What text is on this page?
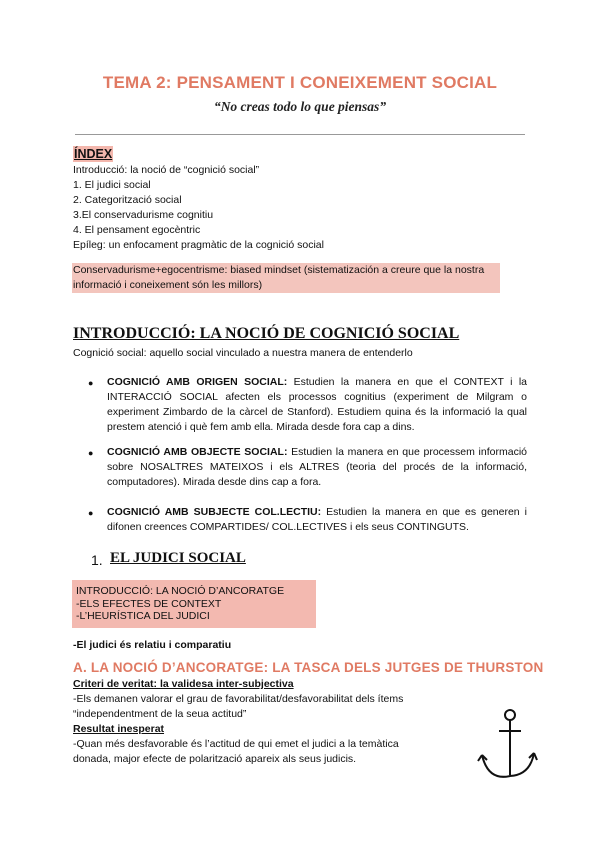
TEMA 2: PENSAMENT I CONEIXEMENT SOCIAL
“No creas todo lo que piensas”
ÍNDEX
Introducció: la noció de “cognició social”
1. El judici social
2. Categorització social
3.El conservadurisme cognitiu
4. El pensament egocèntric
Epíleg: un enfocament pragmàtic de la cognició social
Conservadurisme+egocentrisme: biased mindset (sistematización a creure que la nostra
informació i coneixement són les millors)
INTRODUCCIÓ: LA NOCIÓ DE COGNICIÓ SOCIAL
Cognició social: aquello social vinculado a nuestra manera de entenderlo
● COGNICIÓ AMB ORIGEN SOCIAL: Estudien la manera en que el CONTEXT i la INTERACCIÓ SOCIAL afecten els processos cognitius (experiment de Milgram o experiment Zimbardo de la càrcel de Stanford). Estudiem quina és la informació la qual prestem atenció i què fem amb ella. Mirada desde fora cap a dins.
● COGNICIÓ AMB OBJECTE SOCIAL: Estudien la manera en que processem informació sobre NOSALTRES MATEIXOS i els ALTRES (teoria del procés de la informació, computadores). Mirada desde dins cap a fora.
● COGNICIÓ AMB SUBJECTE COL.LECTIU: Estudien la manera en que es generen i difonen creences COMPARTIDES/ COL.LECTIVES i els seus CONTINGUTS.
1. EL JUDICI SOCIAL
INTRODUCCIÓ: LA NOCIÓ D’ANCORATGE
-ELS EFECTES DE CONTEXT
-L’HEURÍSTICA DEL JUDICI
-El judici és relatiu i comparatiu
A. LA NOCIÓ D’ANCORATGE: LA TASCA DELS JUTGES DE THURSTON
Criteri de veritat: la validesa inter-subjectiva
-Els demanen valorar el grau de favorabilitat/desfavorabilitat dels ítems
“independentment de la seua actitud”
Resultat inesperat
-Quan més desfavorable és l’actitud de qui emet el judici a la temàtica
donada, major efecte de polarització apareix als seus judicis.
